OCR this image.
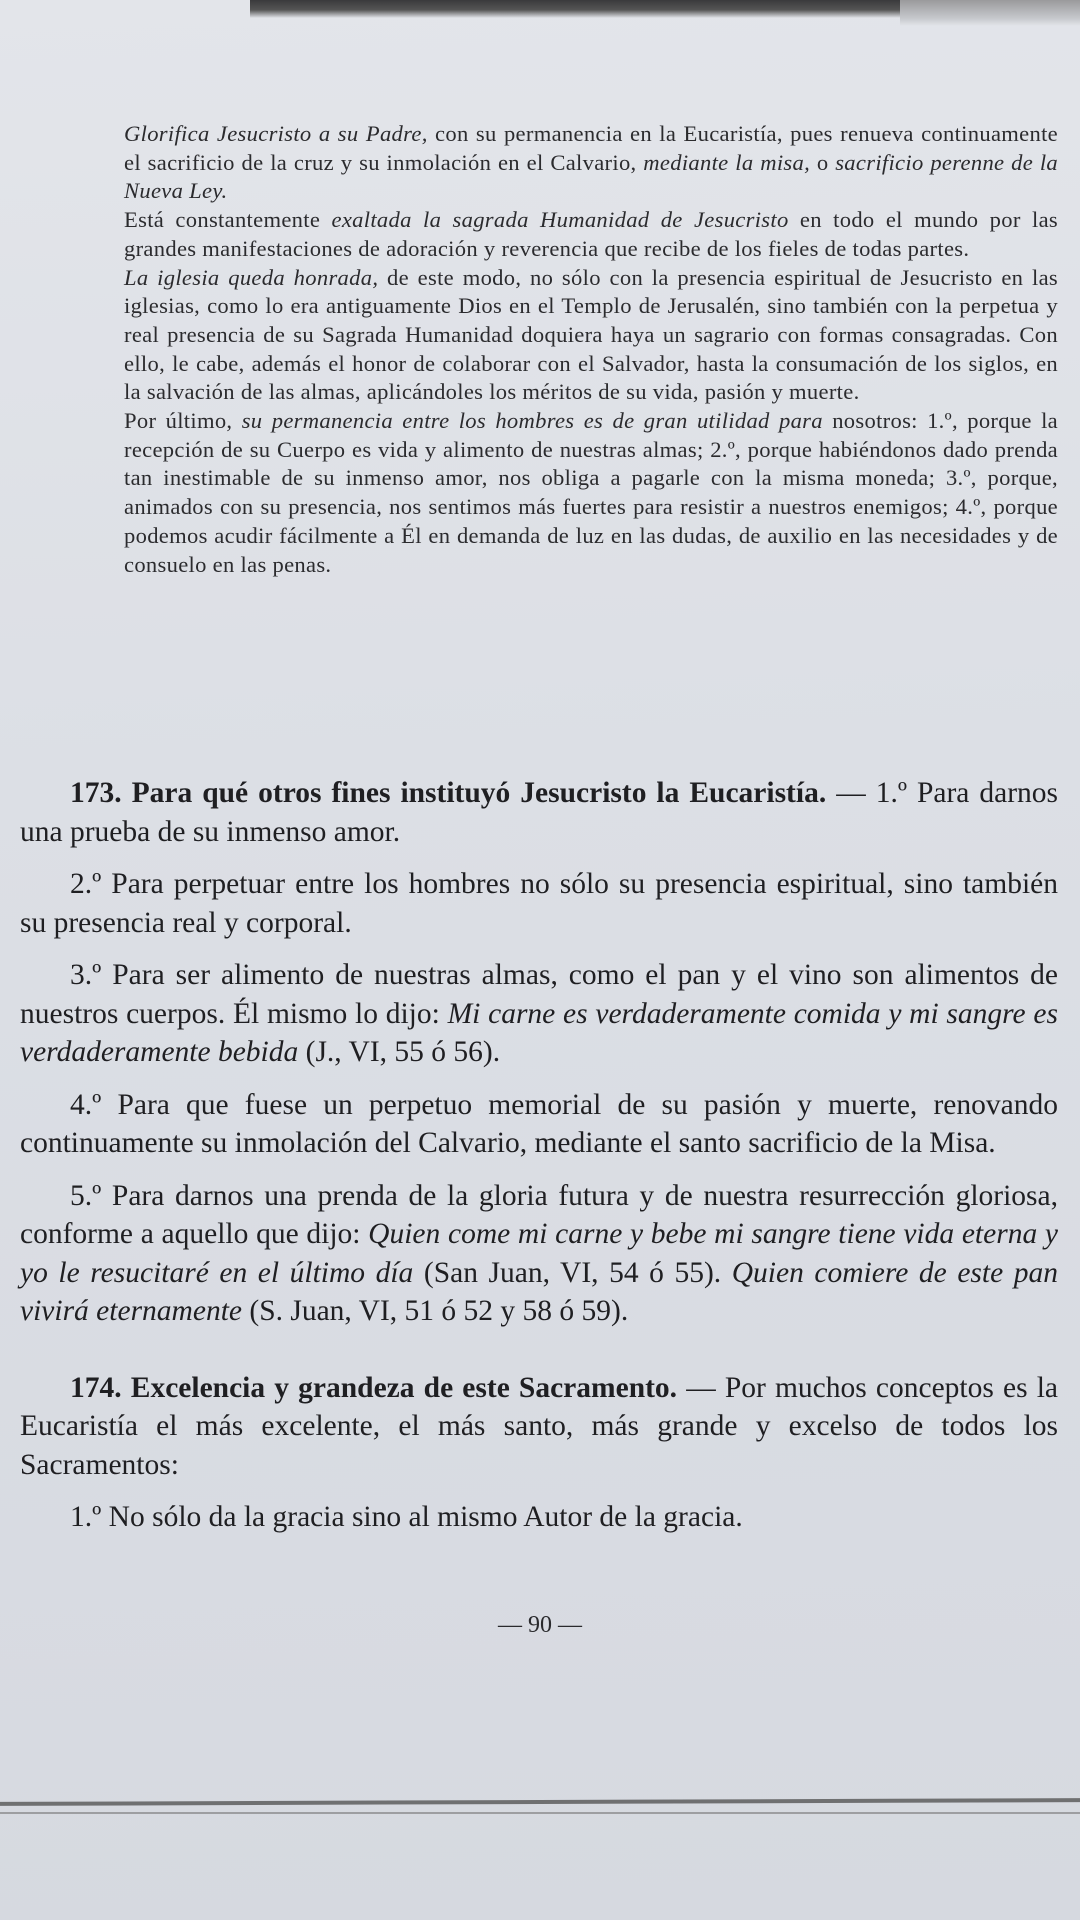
Glorifica Jesucristo a su Padre, con su permanencia en la Eucaristía, pues renueva continuamente el sacrificio de la cruz y su inmolación en el Calvario, mediante la misa, o sacrificio perenne de la Nueva Ley.

Está constantemente exaltada la sagrada Humanidad de Jesucristo en todo el mundo por las grandes manifestaciones de adoración y reverencia que recibe de los fieles de todas partes.

La iglesia queda honrada, de este modo, no sólo con la presencia espiritual de Jesucristo en las iglesias, como lo era antiguamente Dios en el Templo de Jerusalén, sino también con la perpetua y real presencia de su Sagrada Humanidad doquiera haya un sagrario con formas consagradas. Con ello, le cabe, además el honor de colaborar con el Salvador, hasta la consumación de los siglos, en la salvación de las almas, aplicándoles los méritos de su vida, pasión y muerte.

Por último, su permanencia entre los hombres es de gran utilidad para nosotros: 1.º, porque la recepción de su Cuerpo es vida y alimento de nuestras almas; 2.º, porque habiéndonos dado prenda tan inestimable de su inmenso amor, nos obliga a pagarle con la misma moneda; 3.º, porque, animados con su presencia, nos sentimos más fuertes para resistir a nuestros enemigos; 4.º, porque podemos acudir fácilmente a Él en demanda de luz en las dudas, de auxilio en las necesidades y de consuelo en las penas.

173. Para qué otros fines instituyó Jesucristo la Eucaristía. — 1.º Para darnos una prueba de su inmenso amor.

2.º Para perpetuar entre los hombres no sólo su presencia espiritual, sino también su presencia real y corporal.

3.º Para ser alimento de nuestras almas, como el pan y el vino son alimentos de nuestros cuerpos. Él mismo lo dijo: Mi carne es verdaderamente comida y mi sangre es verdaderamente bebida (J., VI, 55 ó 56).

4.º Para que fuese un perpetuo memorial de su pasión y muerte, renovando continuamente su inmolación del Calvario, mediante el santo sacrificio de la Misa.

5.º Para darnos una prenda de la gloria futura y de nuestra resurrección gloriosa, conforme a aquello que dijo: Quien come mi carne y bebe mi sangre tiene vida eterna y yo le resucitaré en el último día (San Juan, VI, 54 ó 55). Quien comiere de este pan vivirá eternamente (S. Juan, VI, 51 ó 52 y 58 ó 59).

174. Excelencia y grandeza de este Sacramento. — Por muchos conceptos es la Eucaristía el más excelente, el más santo, más grande y excelso de todos los Sacramentos:

1.º No sólo da la gracia sino al mismo Autor de la gracia.

— 90 —
